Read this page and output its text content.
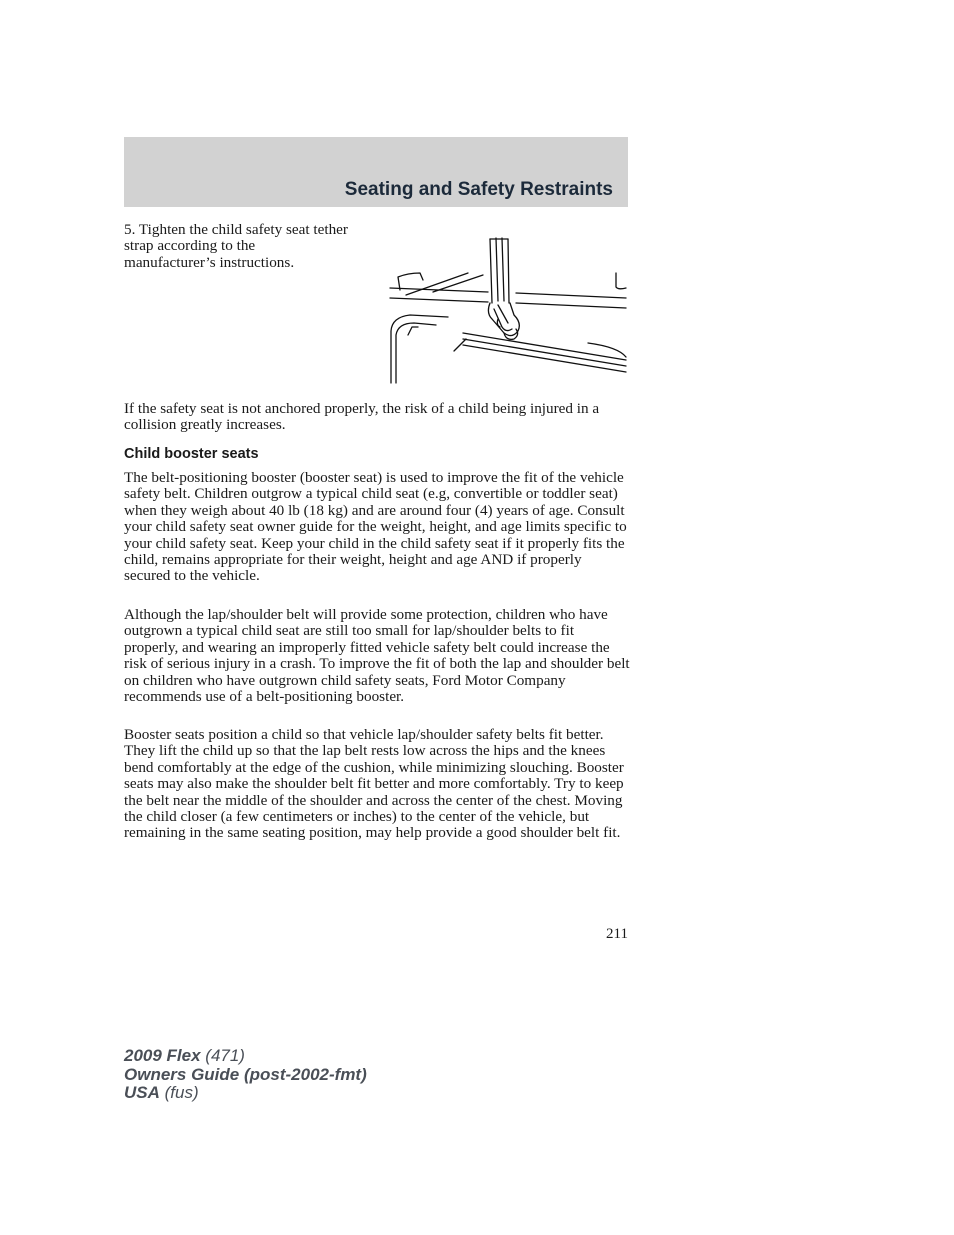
Seating and Safety Restraints
5. Tighten the child safety seat tether strap according to the manufacturer’s instructions.
If the safety seat is not anchored properly, the risk of a child being injured in a collision greatly increases.
Child booster seats
The belt-positioning booster (booster seat) is used to improve the fit of the vehicle safety belt. Children outgrow a typical child seat (e.g, convertible or toddler seat) when they weigh about 40 lb (18 kg) and are around four (4) years of age. Consult your child safety seat owner guide for the weight, height, and age limits specific to your child safety seat. Keep your child in the child safety seat if it properly fits the child, remains appropriate for their weight, height and age AND if properly secured to the vehicle.
Although the lap/shoulder belt will provide some protection, children who have outgrown a typical child seat are still too small for lap/shoulder belts to fit properly, and wearing an improperly fitted vehicle safety belt could increase the risk of serious injury in a crash. To improve the fit of both the lap and shoulder belt on children who have outgrown child safety seats, Ford Motor Company recommends use of a belt-positioning booster.
Booster seats position a child so that vehicle lap/shoulder safety belts fit better. They lift the child up so that the lap belt rests low across the hips and the knees bend comfortably at the edge of the cushion, while minimizing slouching. Booster seats may also make the shoulder belt fit better and more comfortably. Try to keep the belt near the middle of the shoulder and across the center of the chest. Moving the child closer (a few centimeters or inches) to the center of the vehicle, but remaining in the same seating position, may help provide a good shoulder belt fit.
211
2009 Flex (471)
Owners Guide (post-2002-fmt)
USA (fus)
